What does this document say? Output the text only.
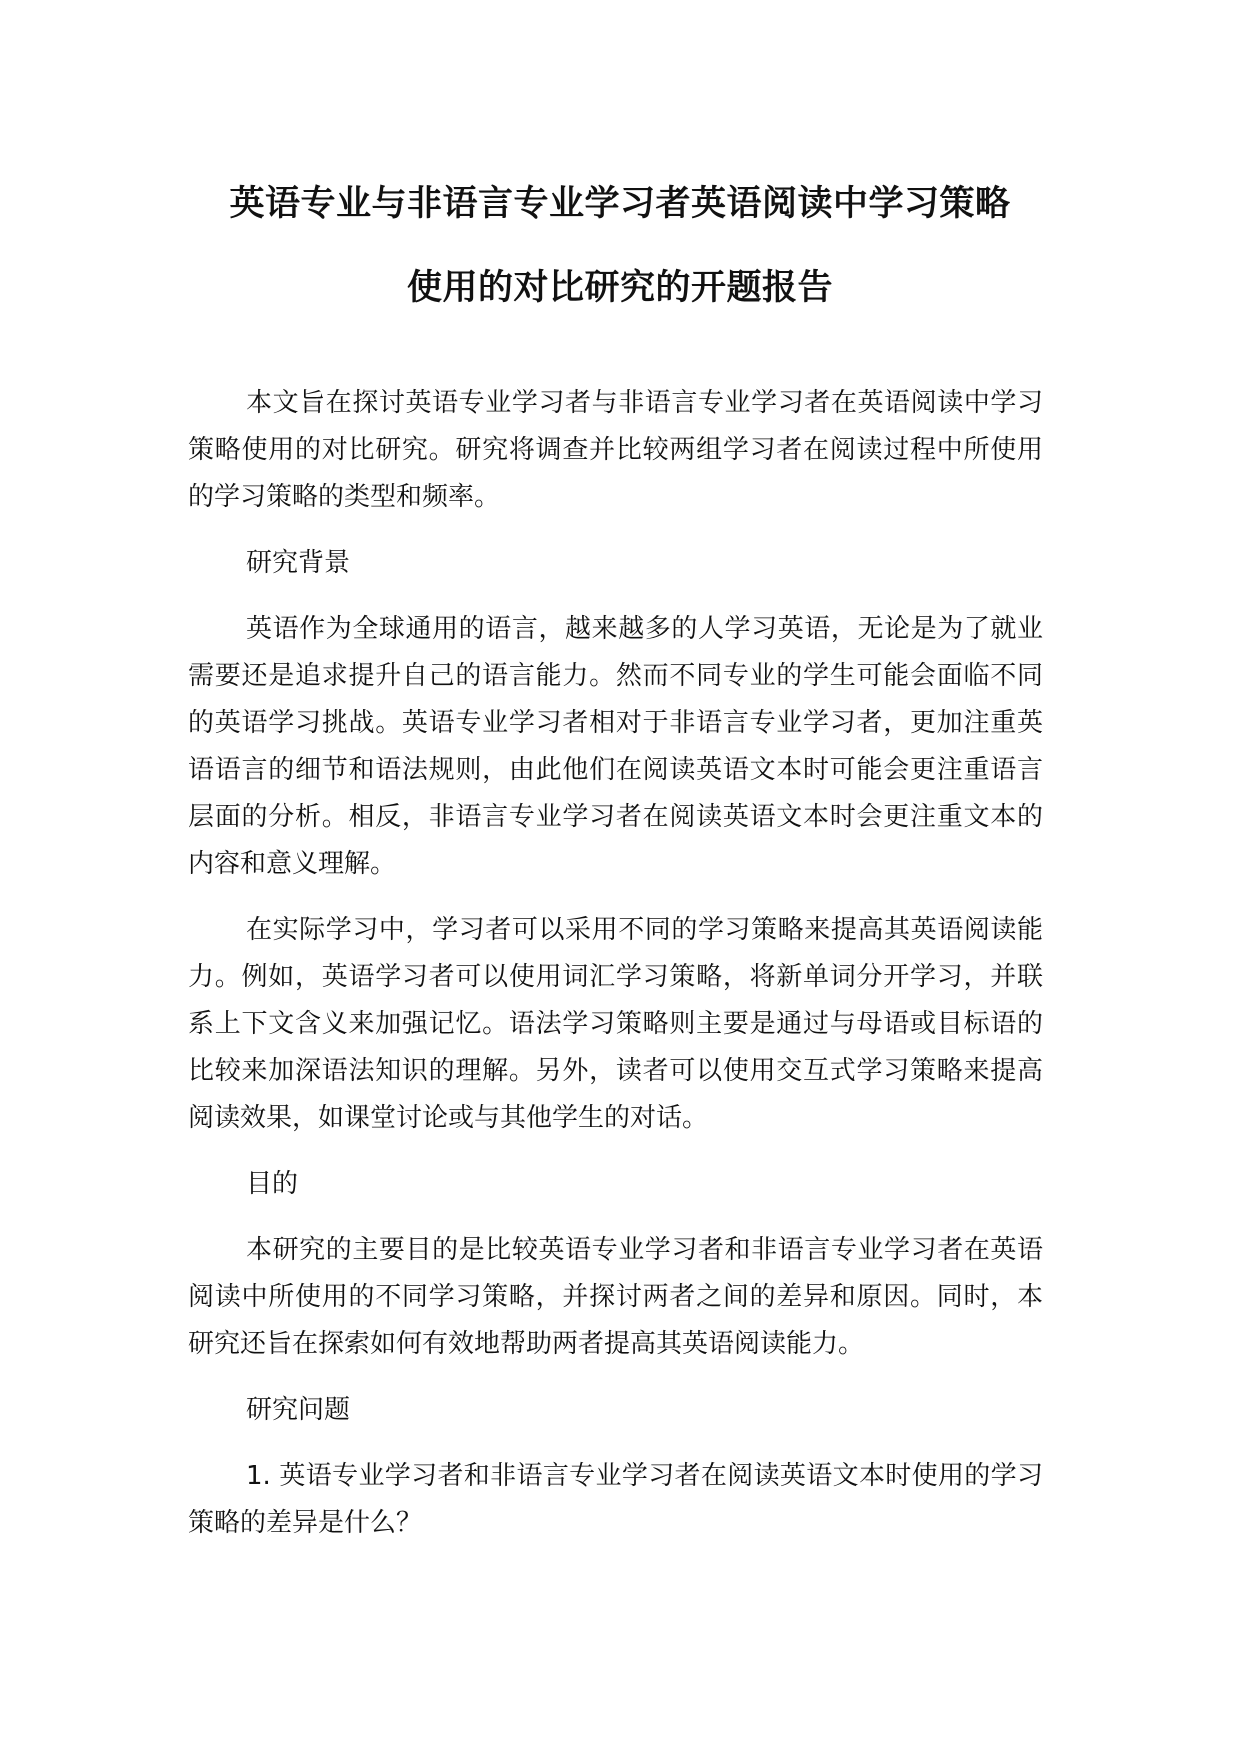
英语专业与非语言专业学习者英语阅读中学习策略
使用的对比研究的开题报告

本文旨在探讨英语专业学习者与非语言专业学习者在英语阅读中学习策略使用的对比研究。研究将调查并比较两组学习者在阅读过程中所使用的学习策略的类型和频率。

研究背景

英语作为全球通用的语言，越来越多的人学习英语，无论是为了就业需要还是追求提升自己的语言能力。然而不同专业的学生可能会面临不同的英语学习挑战。英语专业学习者相对于非语言专业学习者，更加注重英语语言的细节和语法规则，由此他们在阅读英语文本时可能会更注重语言层面的分析。相反，非语言专业学习者在阅读英语文本时会更注重文本的内容和意义理解。

在实际学习中，学习者可以采用不同的学习策略来提高其英语阅读能力。例如，英语学习者可以使用词汇学习策略，将新单词分开学习，并联系上下文含义来加强记忆。语法学习策略则主要是通过与母语或目标语的比较来加深语法知识的理解。另外，读者可以使用交互式学习策略来提高阅读效果，如课堂讨论或与其他学生的对话。

目的

本研究的主要目的是比较英语专业学习者和非语言专业学习者在英语阅读中所使用的不同学习策略，并探讨两者之间的差异和原因。同时，本研究还旨在探索如何有效地帮助两者提高其英语阅读能力。

研究问题

1. 英语专业学习者和非语言专业学习者在阅读英语文本时使用的学习策略的差异是什么？
